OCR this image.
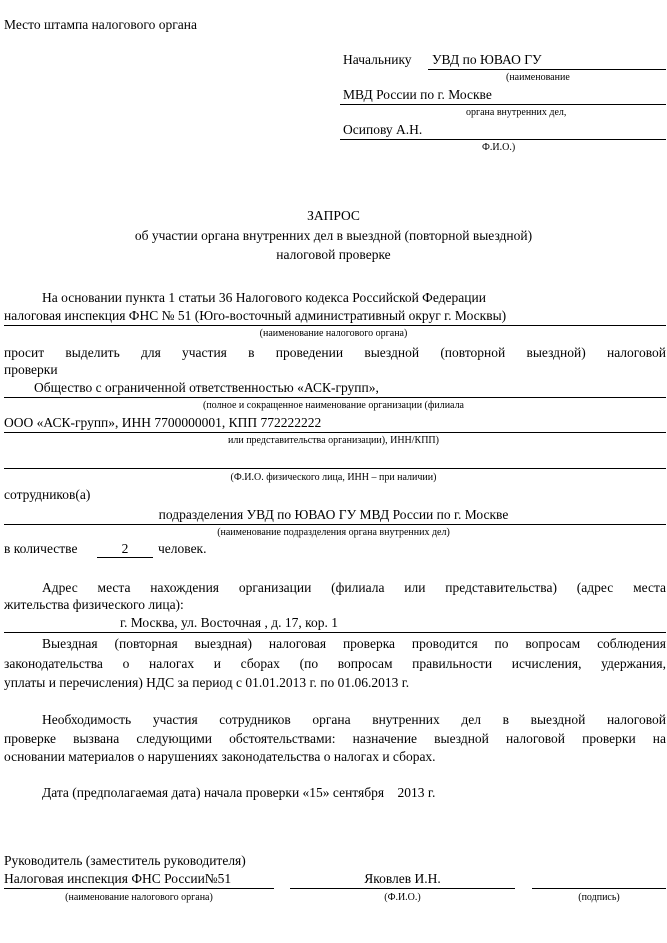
Место штампа налогового органа
Начальнику УВД по ЮВАО ГУ
(наименование
МВД России по г. Москве
органа внутренних дел,
Осипову А.Н.
Ф.И.О.)
ЗАПРОС
об участии органа внутренних дел в выездной (повторной выездной)
налоговой проверке
На основании пункта 1 статьи 36 Налогового кодекса Российской Федерации
налоговая инспекция ФНС № 51 (Юго-восточный административный округ г. Москвы)
(наименование налогового органа)
просит выделить для участия в проведении выездной (повторной выездной) налоговой
проверки
Общество с ограниченной ответственностью «АСК-групп»,
(полное и сокращенное наименование организации (филиала
ООО «АСК-групп», ИНН 7700000001, КПП 772222222
или представительства организации), ИНН/КПП)
(Ф.И.О. физического лица, ИНН – при наличии)
сотрудников(а)
подразделения УВД по ЮВАО ГУ МВД России по г. Москве
(наименование подразделения органа внутренних дел)
в количестве	2	человек.
Адрес места нахождения организации (филиала или представительства) (адрес места
жительства физического лица):
г. Москва, ул. Восточная , д. 17, кор. 1
Выездная (повторная выездная) налоговая проверка проводится по вопросам соблюдения
законодательства о налогах и сборах (по вопросам правильности исчисления, удержания,
уплаты и перечисления) НДС за период с 01.01.2013 г. по 01.06.2013 г.
Необходимость участия сотрудников органа внутренних дел в выездной налоговой
проверке вызвана следующими обстоятельствами: назначение выездной налоговой проверки на
основании материалов о нарушениях законодательства о налогах и сборах.
Дата (предполагаемая дата) начала проверки «15» сентября    2013 г.
Руководитель (заместитель руководителя)
Налоговая инспекция ФНС России№51	Яковлев И.Н.
(наименование налогового органа)	(Ф.И.О.)	(подпись)
